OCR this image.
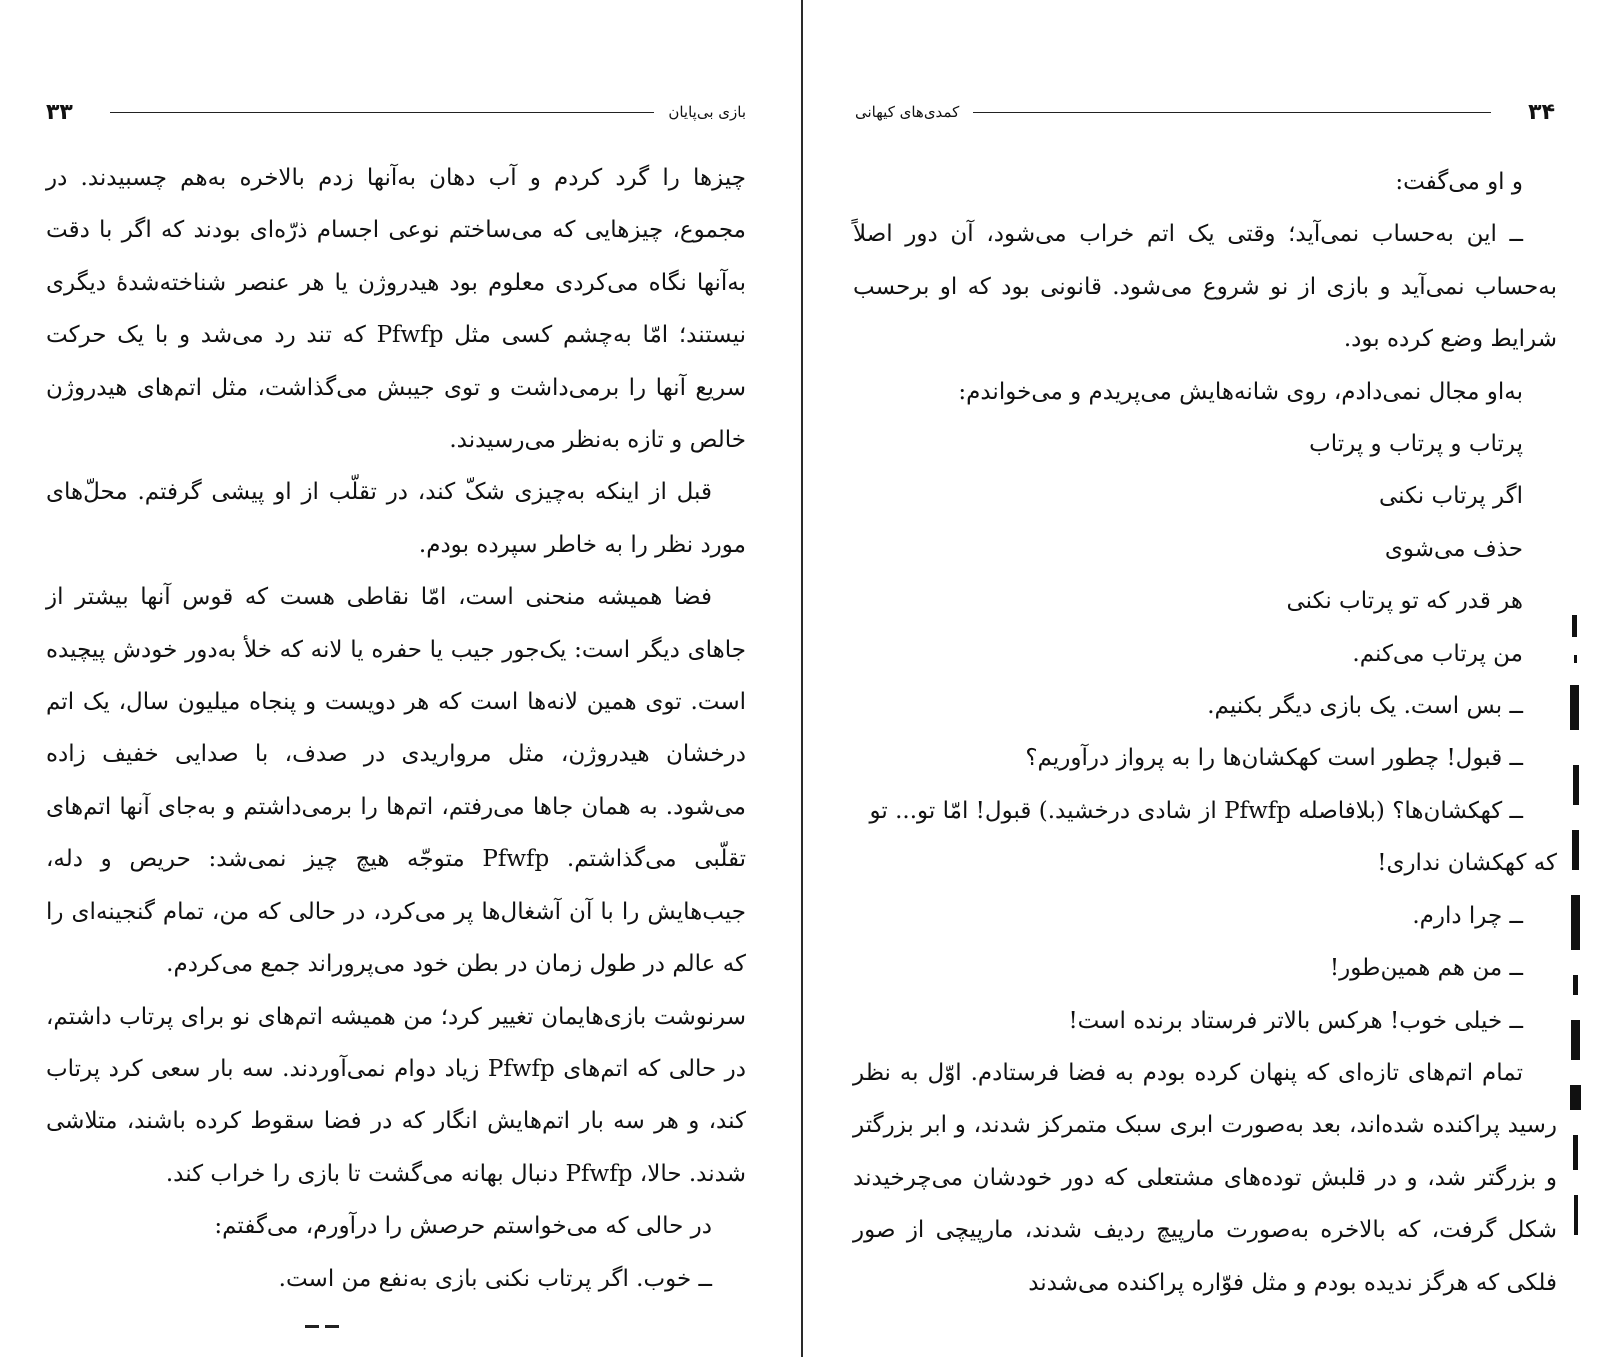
۳۳	بازی بی‌پایان

چیزها را گرد کردم و آب دهان به‌آنها زدم بالاخره به‌هم چسبیدند. در مجموع، چیزهایی که می‌ساختم نوعی اجسام ذرّه‌ای بودند که اگر با دقت به‌آنها نگاه می‌کردی معلوم بود هیدروژن یا هر عنصر شناخته‌شدهٔ دیگری نیستند؛ امّا به‌چشم کسی مثل Pfwfp که تند رد می‌شد و با یک حرکت سریع آنها را برمی‌داشت و توی جیبش می‌گذاشت، مثل اتم‌های هیدروژن خالص و تازه به‌نظر می‌رسیدند.

قبل از اینکه به‌چیزی شکّ کند، در تقلّب از او پیشی گرفتم. محلّ‌های مورد نظر را به خاطر سپرده بودم.

فضا همیشه منحنی است، امّا نقاطی هست که قوس آنها بیشتر از جاهای دیگر است: یک‌جور جیب یا حفره یا لانه که خلأ به‌دور خودش پیچیده است. توی همین لانه‌ها است که هر دویست و پنجاه میلیون سال، یک اتم درخشان هیدروژن، مثل مرواریدی در صدف، با صدایی خفیف زاده می‌شود. به همان جاها می‌رفتم، اتم‌ها را برمی‌داشتم و به‌جای آنها اتم‌های تقلّبی می‌گذاشتم. Pfwfp متوجّه هیچ چیز نمی‌شد: حریص و دله، جیب‌هایش را با آن آشغال‌ها پر می‌کرد، در حالی که من، تمام گنجینه‌ای را که عالم در طول زمان در بطن خود می‌پروراند جمع می‌کردم.

سرنوشت بازی‌هایمان تغییر کرد؛ من همیشه اتم‌های نو برای پرتاب داشتم، در حالی که اتم‌های Pfwfp زیاد دوام نمی‌آوردند. سه بار سعی کرد پرتاب کند، و هر سه بار اتم‌هایش انگار که در فضا سقوط کرده باشند، متلاشی شدند. حالا، Pfwfp دنبال بهانه می‌گشت تا بازی را خراب کند.

در حالی که می‌خواستم حرصش را درآورم، می‌گفتم:

ــ خوب. اگر پرتاب نکنی بازی به‌نفع من است.

۳۴
کمدی‌های کیهانی

و او می‌گفت:

ــ این به‌حساب نمی‌آید؛ وقتی یک اتم خراب می‌شود، آن دور اصلاً به‌حساب نمی‌آید و بازی از نو شروع می‌شود. قانونی بود که او برحسب شرایط وضع کرده بود.

به‌او مجال نمی‌دادم، روی شانه‌هایش می‌پریدم و می‌خواندم:

پرتاب و پرتاب و پرتاب

اگر پرتاب نکنی

حذف می‌شوی

هر قدر که تو پرتاب نکنی

من پرتاب می‌کنم.

ــ بس است. یک بازی دیگر بکنیم.

ــ قبول! چطور است کهکشان‌ها را به پرواز درآوریم؟

ــ کهکشان‌ها؟ (بلافاصله Pfwfp از شادی درخشید.) قبول! امّا تو... تو که کهکشان نداری!

ــ چرا دارم.

ــ من هم همین‌طور!

ــ خیلی خوب! هرکس بالاتر فرستاد برنده است!

تمام اتم‌های تازه‌ای که پنهان کرده بودم به فضا فرستادم. اوّل به نظر رسید پراکنده شده‌اند، بعد به‌صورت ابری سبک متمرکز شدند، و ابر بزرگتر و بزرگتر شد، و در قلبش توده‌های مشتعلی که دور خودشان می‌چرخیدند شکل گرفت، که بالاخره به‌صورت مارپیچ ردیف شدند، مارپیچی از صور فلکی که هرگز ندیده بودم و مثل فوّاره پراکنده می‌شدند
